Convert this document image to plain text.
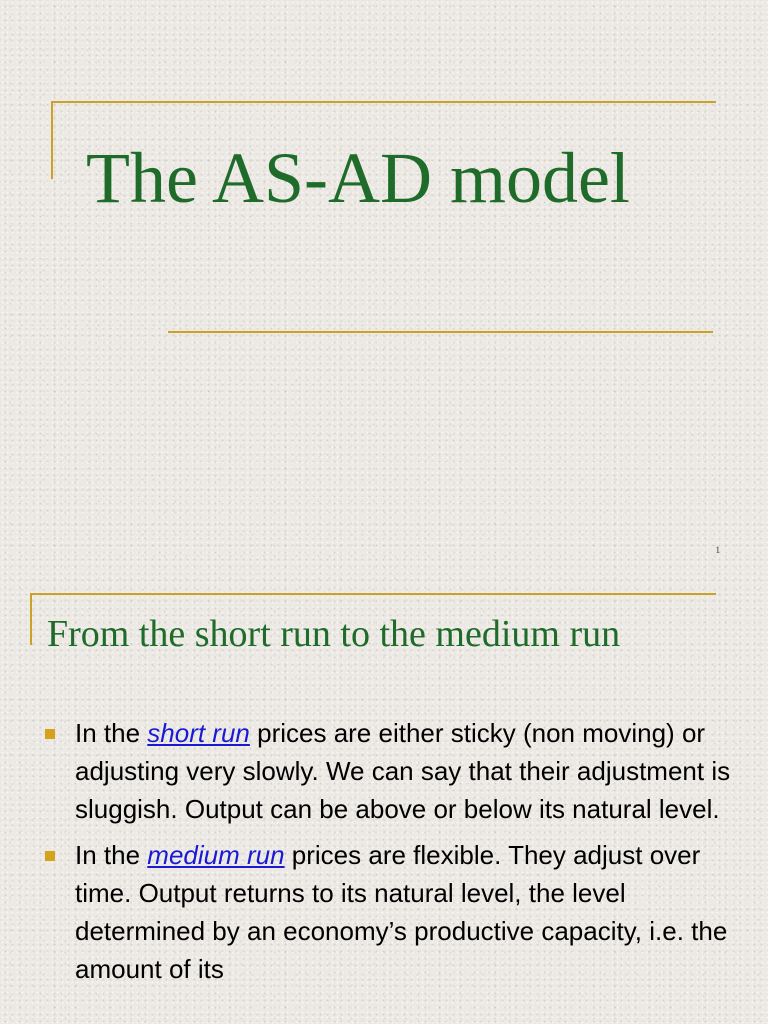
The AS-AD model
1
From the short run to the medium run
In the short run prices are either sticky (non moving) or adjusting very slowly. We can say that their adjustment is sluggish. Output can be above or below its natural level.
In the medium run prices are flexible. They adjust over time. Output returns to its natural level, the level determined by an economy’s productive capacity, i.e. the amount of its
